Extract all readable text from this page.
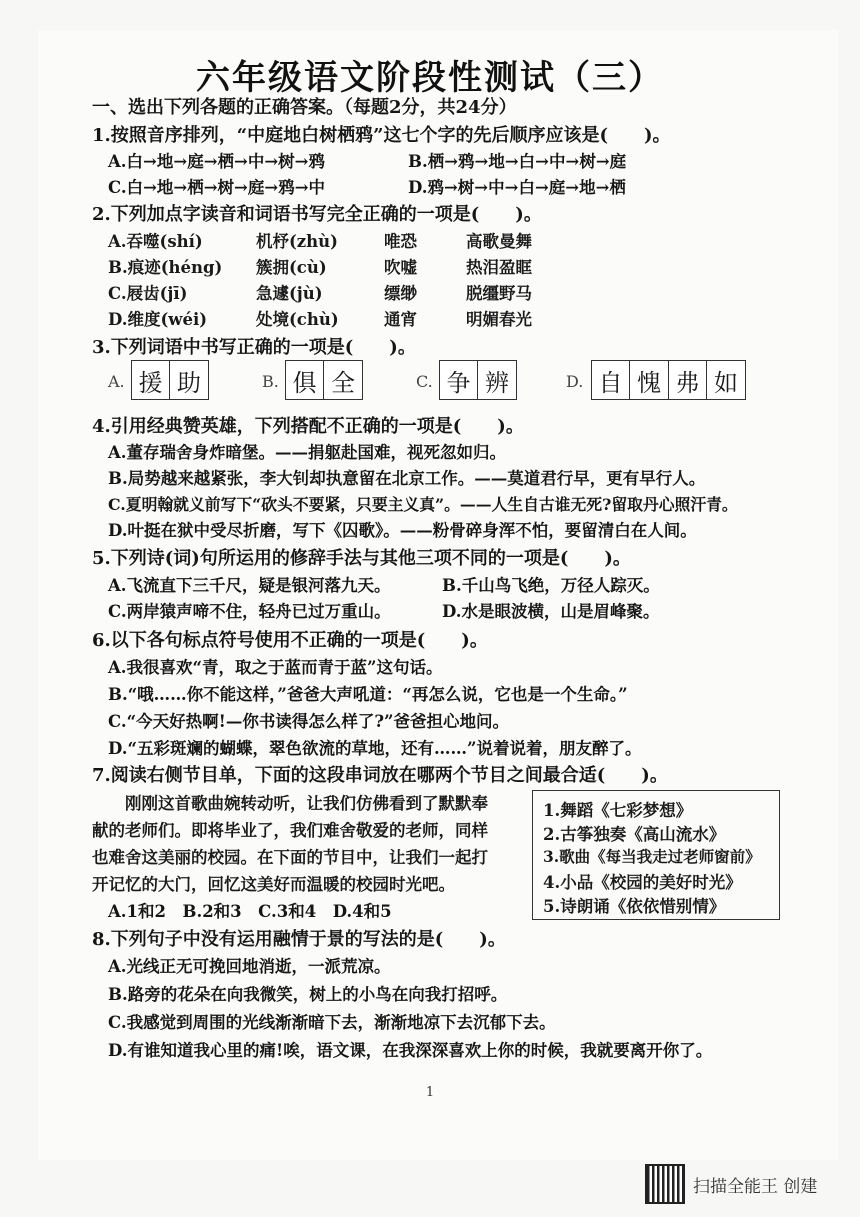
六年级语文阶段性测试（三）
一、选出下列各题的正确答案。（每题2分，共24分）
1.按照音序排列，“中庭地白树栖鸦”这七个字的先后顺序应该是(　　)。
A.白→地→庭→栖→中→树→鸦	B.栖→鸦→地→白→中→树→庭
C.白→地→栖→树→庭→鸦→中	D.鸦→树→中→白→庭→地→栖
2.下列加点字读音和词语书写完全正确的一项是(　　)。
A.吞噬(shí)	机杼(zhù)	唯恐	高歌曼舞
B.痕迹(héng) 簇拥(cù)	吹嘘	热泪盈眶
C.屐齿(jī)	急遽(jù)	缥缈	脱缰野马
D.维度(wéi)	处境(chù)	通宵	明媚春光
3.下列词语中书写正确的一项是(　　)。
A. 援 助	B. 俱 全	C. 争 辨	D. 自 愧 弗 如
4.引用经典赞英雄，下列搭配不正确的一项是(　　)。
A.董存瑞舍身炸暗堡。——捐躯赴国难，视死忽如归。
B.局势越来越紧张，李大钊却执意留在北京工作。——莫道君行早，更有早行人。
C.夏明翰就义前写下“砍头不要紧，只要主义真”。——人生自古谁无死?留取丹心照汗青。
D.叶挺在狱中受尽折磨，写下《囚歌》。——粉骨碎身浑不怕，要留清白在人间。
5.下列诗(词)句所运用的修辞手法与其他三项不同的一项是(　　)。
A.飞流直下三千尺，疑是银河落九天。	B.千山鸟飞绝，万径人踪灭。
C.两岸猿声啼不住，轻舟已过万重山。	D.水是眼波横，山是眉峰聚。
6.以下各句标点符号使用不正确的一项是(　　)。
A.我很喜欢“青，取之于蓝而青于蓝”这句话。
B.“哦……你不能这样，”爸爸大声吼道：“再怎么说，它也是一个生命。”
C.“今天好热啊!—你书读得怎么样了?”爸爸担心地问。
D.“五彩斑斓的蝴蝶，翠色欲流的草地，还有……”说着说着，朋友醉了。
7.阅读右侧节目单，下面的这段串词放在哪两个节目之间最合适(　　)。
　　刚刚这首歌曲婉转动听，让我们仿佛看到了默默奉
献的老师们。即将毕业了，我们难舍敬爱的老师，同样
也难舍这美丽的校园。在下面的节目中，让我们一起打
开记忆的大门，回忆这美好而温暖的校园时光吧。
A.1和2　B.2和3　C.3和4　D.4和5
1.舞蹈《七彩梦想》
2.古筝独奏《高山流水》
3.歌曲《每当我走过老师窗前》
4.小品《校园的美好时光》
5.诗朗诵《依依惜别情》
8.下列句子中没有运用融情于景的写法的是(　　)。
A.光线正无可挽回地消逝，一派荒凉。
B.路旁的花朵在向我微笑，树上的小鸟在向我打招呼。
C.我感觉到周围的光线渐渐暗下去，渐渐地凉下去沉郁下去。
D.有谁知道我心里的痛!唉，语文课，在我深深喜欢上你的时候，我就要离开你了。
1
扫描全能王 创建
